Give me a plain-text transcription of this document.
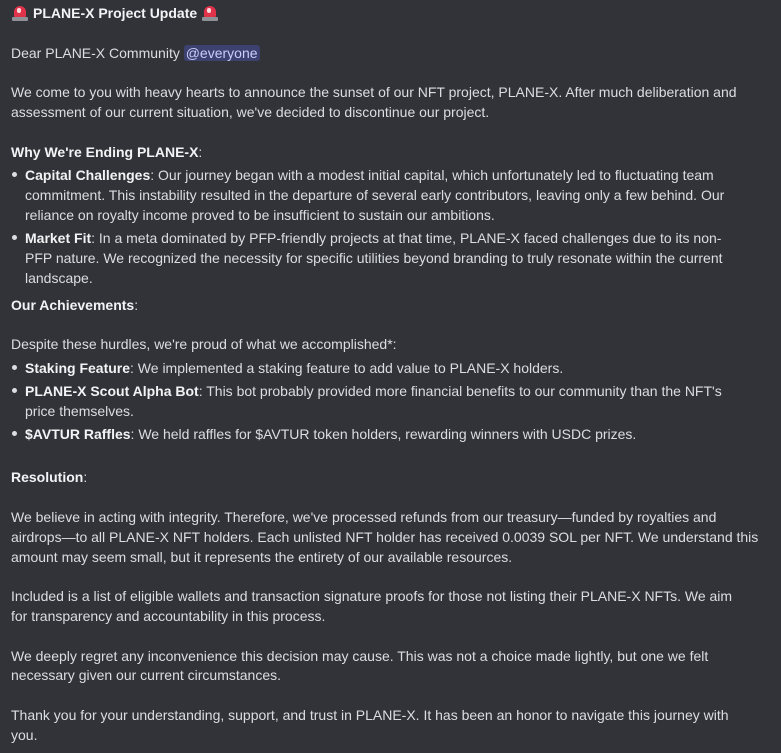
PLANE-X Project Update
Dear PLANE-X Community @everyone
We come to you with heavy hearts to announce the sunset of our NFT project, PLANE-X. After much deliberation and
assessment of our current situation, we've decided to discontinue our project.
Why We're Ending PLANE-X:
Capital Challenges: Our journey began with a modest initial capital, which unfortunately led to fluctuating team
commitment. This instability resulted in the departure of several early contributors, leaving only a few behind. Our
reliance on royalty income proved to be insufficient to sustain our ambitions.
Market Fit: In a meta dominated by PFP-friendly projects at that time, PLANE-X faced challenges due to its non-
PFP nature. We recognized the necessity for specific utilities beyond branding to truly resonate within the current
landscape.
Our Achievements:
Despite these hurdles, we're proud of what we accomplished*:
Staking Feature: We implemented a staking feature to add value to PLANE-X holders.
PLANE-X Scout Alpha Bot: This bot probably provided more financial benefits to our community than the NFT's
price themselves.
$AVTUR Raffles: We held raffles for $AVTUR token holders, rewarding winners with USDC prizes.
Resolution:
We believe in acting with integrity. Therefore, we've processed refunds from our treasury—funded by royalties and
airdrops—to all PLANE-X NFT holders. Each unlisted NFT holder has received 0.0039 SOL per NFT. We understand this
amount may seem small, but it represents the entirety of our available resources.
Included is a list of eligible wallets and transaction signature proofs for those not listing their PLANE-X NFTs. We aim
for transparency and accountability in this process.
We deeply regret any inconvenience this decision may cause. This was not a choice made lightly, but one we felt
necessary given our current circumstances.
Thank you for your understanding, support, and trust in PLANE-X. It has been an honor to navigate this journey with
you.
